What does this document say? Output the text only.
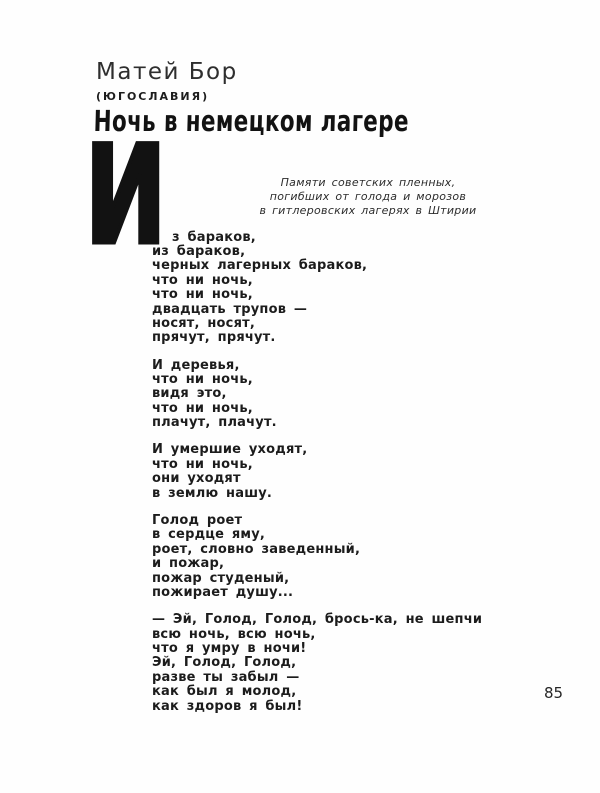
Матей Бор
(ЮГОСЛАВИЯ)
Ночь в немецком лагере
Памяти советских пленных,
погибших от голода и морозов
в гитлеровских лагерях в Штирии
И з бараков,
из бараков,
черных лагерных бараков,
что ни ночь,
что ни ночь,
двадцать трупов —
носят, носят,
прячут, прячут.
И деревья,
что ни ночь,
видя это,
что ни ночь,
плачут, плачут.
И умершие уходят,
что ни ночь,
они уходят
в землю нашу.
Голод роет
в сердце яму,
роет, словно заведенный,
и пожар,
пожар студеный,
пожирает душу...
— Эй, Голод, Голод, брось-ка, не шепчи
всю ночь, всю ночь,
что я умру в ночи!
Эй, Голод, Голод,
разве ты забыл —
как был я молод,
как здоров я был!
85
